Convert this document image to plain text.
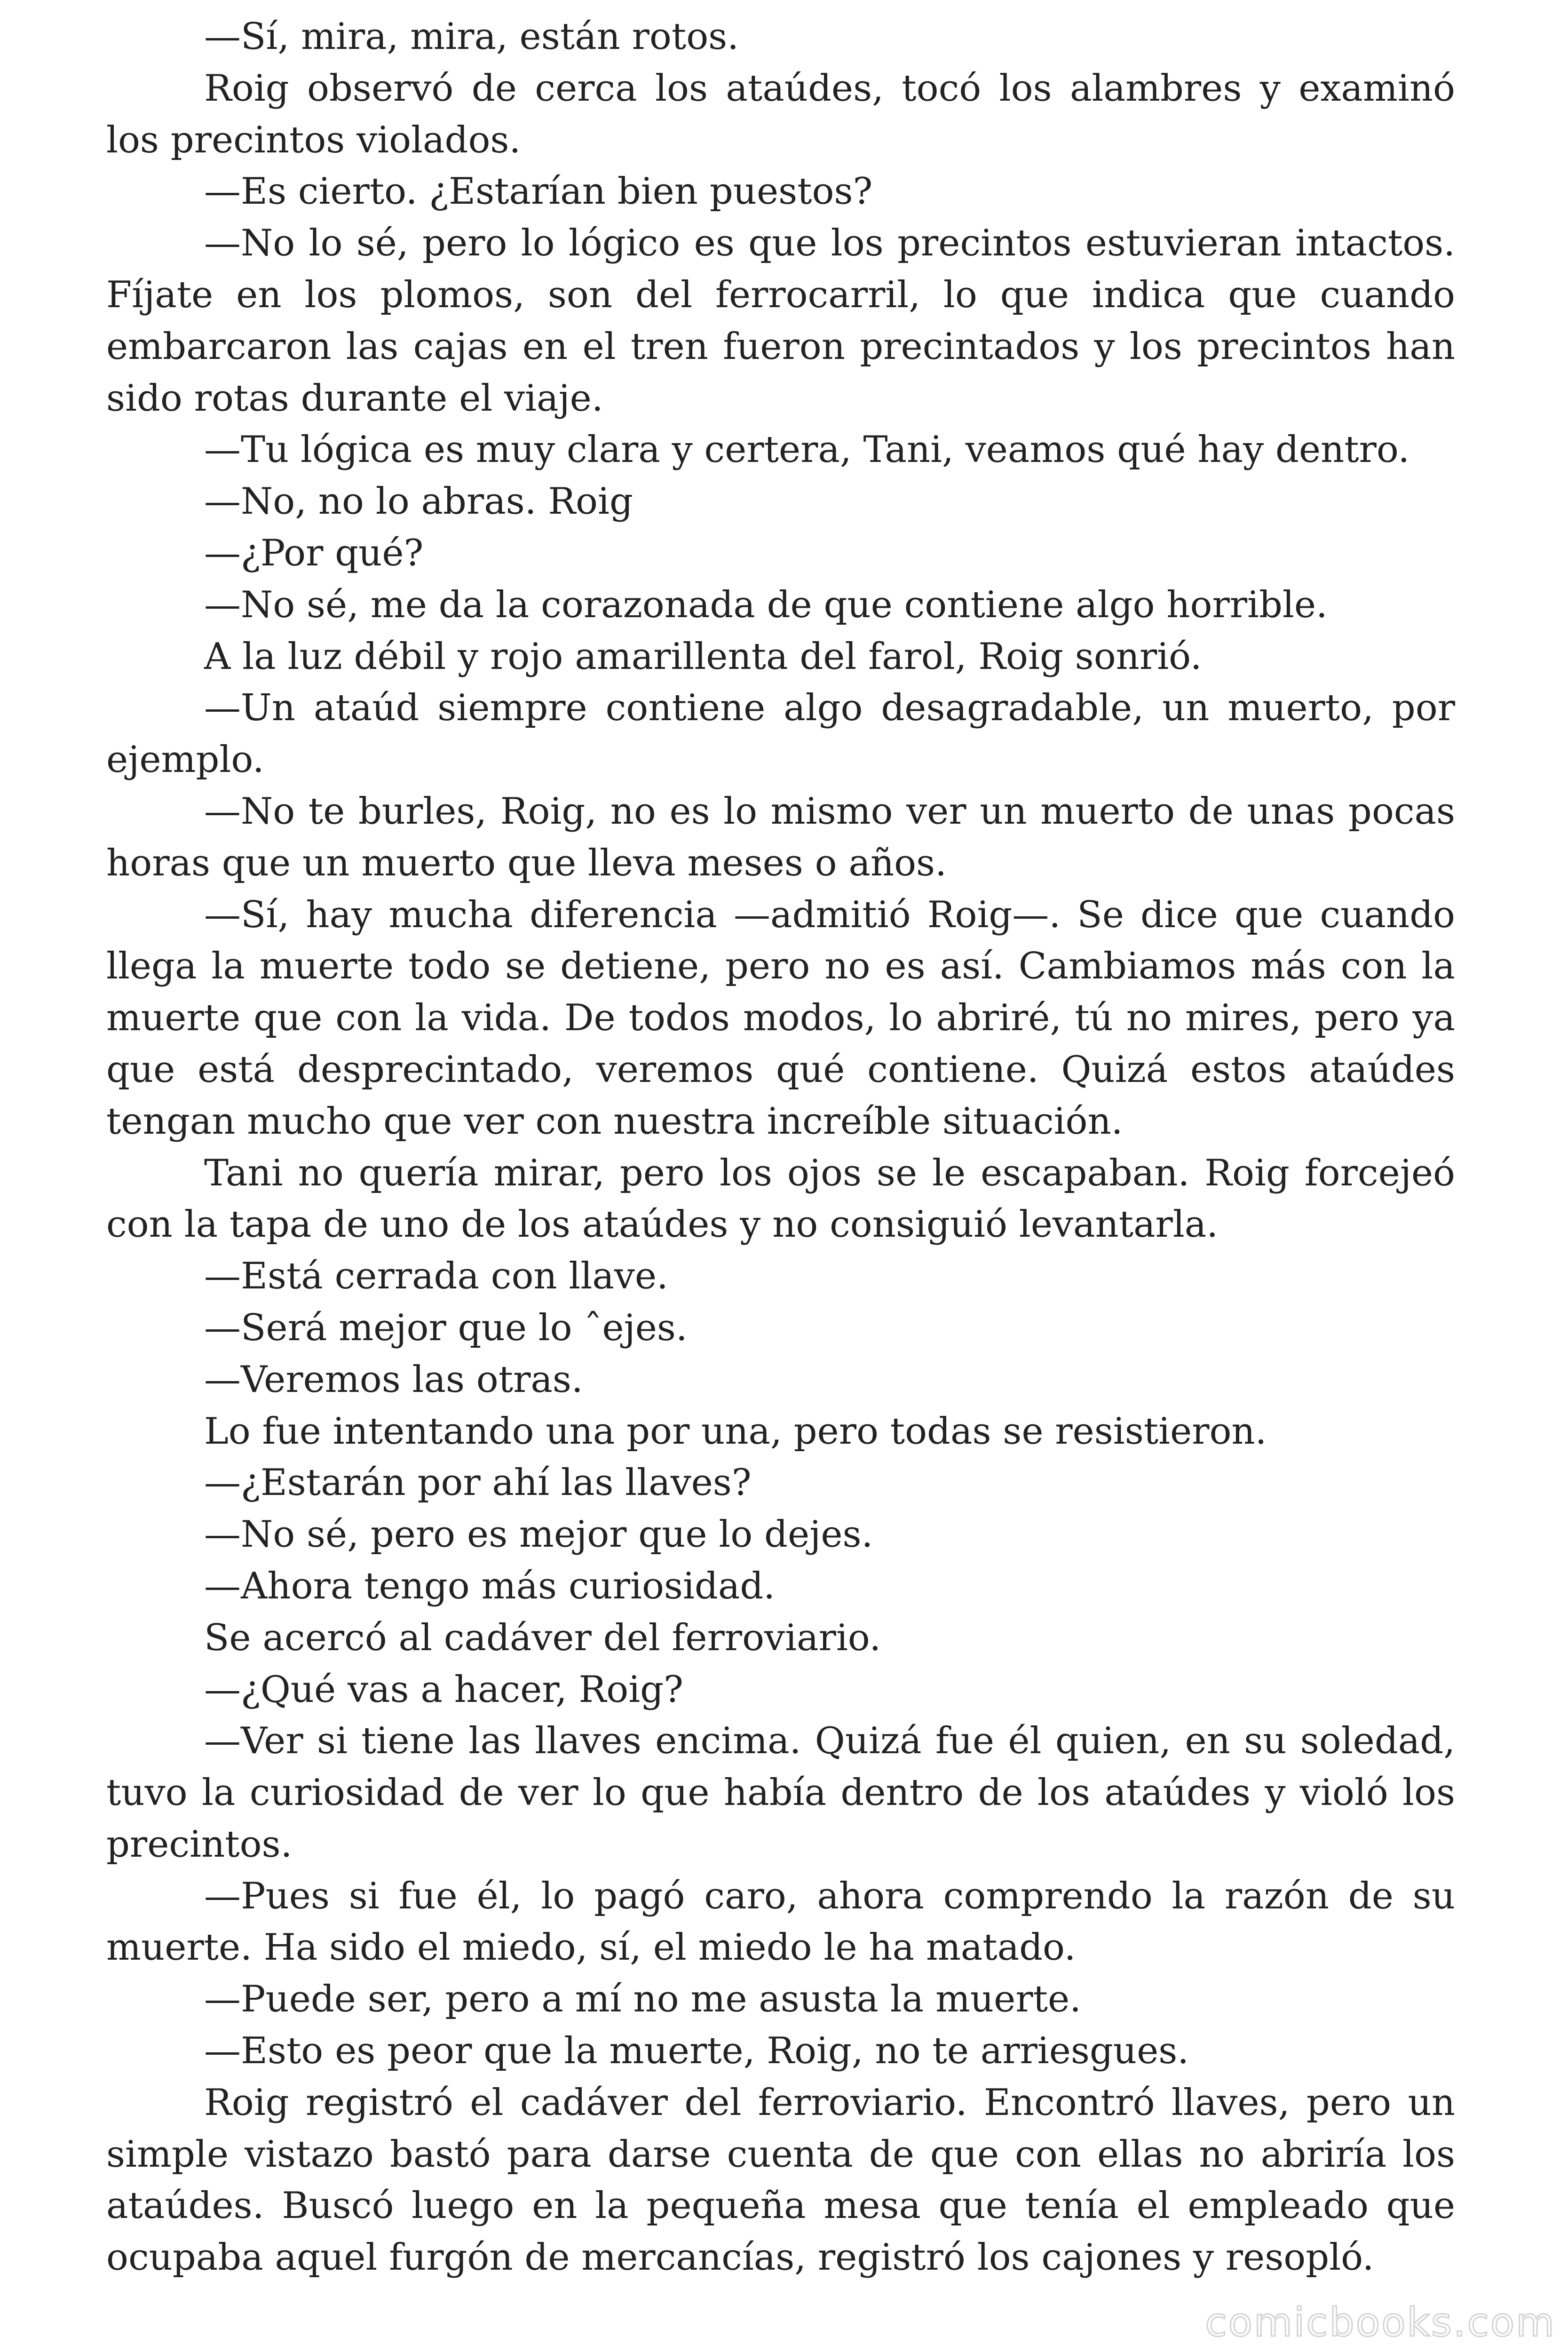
—Sí, mira, mira, están rotos.

Roig observó de cerca los ataúdes, tocó los alambres y examinó los precintos violados.

—Es cierto. ¿Estarían bien puestos?

—No lo sé, pero lo lógico es que los precintos estuvieran intactos. Fíjate en los plomos, son del ferrocarril, lo que indica que cuando embarcaron las cajas en el tren fueron precintados y los precintos han sido rotas durante el viaje.

—Tu lógica es muy clara y certera, Tani, veamos qué hay dentro.

—No, no lo abras. Roig

—¿Por qué?

—No sé, me da la corazonada de que contiene algo horrible.

A la luz débil y rojo amarillenta del farol, Roig sonrió.

—Un ataúd siempre contiene algo desagradable, un muerto, por ejemplo.

—No te burles, Roig, no es lo mismo ver un muerto de unas pocas horas que un muerto que lleva meses o años.

—Sí, hay mucha diferencia —admitió Roig—. Se dice que cuando llega la muerte todo se detiene, pero no es así. Cambiamos más con la muerte que con la vida. De todos modos, lo abriré, tú no mires, pero ya que está desprecintado, veremos qué contiene. Quizá estos ataúdes tengan mucho que ver con nuestra increíble situación.

Tani no quería mirar, pero los ojos se le escapaban. Roig forcejeó con la tapa de uno de los ataúdes y no consiguió levantarla.

—Está cerrada con llave.

—Será mejor que lo ˆejes.

—Veremos las otras.

Lo fue intentando una por una, pero todas se resistieron.

—¿Estarán por ahí las llaves?

—No sé, pero es mejor que lo dejes.

—Ahora tengo más curiosidad.

Se acercó al cadáver del ferroviario.

—¿Qué vas a hacer, Roig?

—Ver si tiene las llaves encima. Quizá fue él quien, en su soledad, tuvo la curiosidad de ver lo que había dentro de los ataúdes y violó los precintos.

—Pues si fue él, lo pagó caro, ahora comprendo la razón de su muerte. Ha sido el miedo, sí, el miedo le ha matado.

—Puede ser, pero a mí no me asusta la muerte.

—Esto es peor que la muerte, Roig, no te arriesgues.

Roig registró el cadáver del ferroviario. Encontró llaves, pero un simple vistazo bastó para darse cuenta de que con ellas no abriría los ataúdes. Buscó luego en la pequeña mesa que tenía el empleado que ocupaba aquel furgón de mercancías, registró los cajones y resopló.

comicbooks.com
